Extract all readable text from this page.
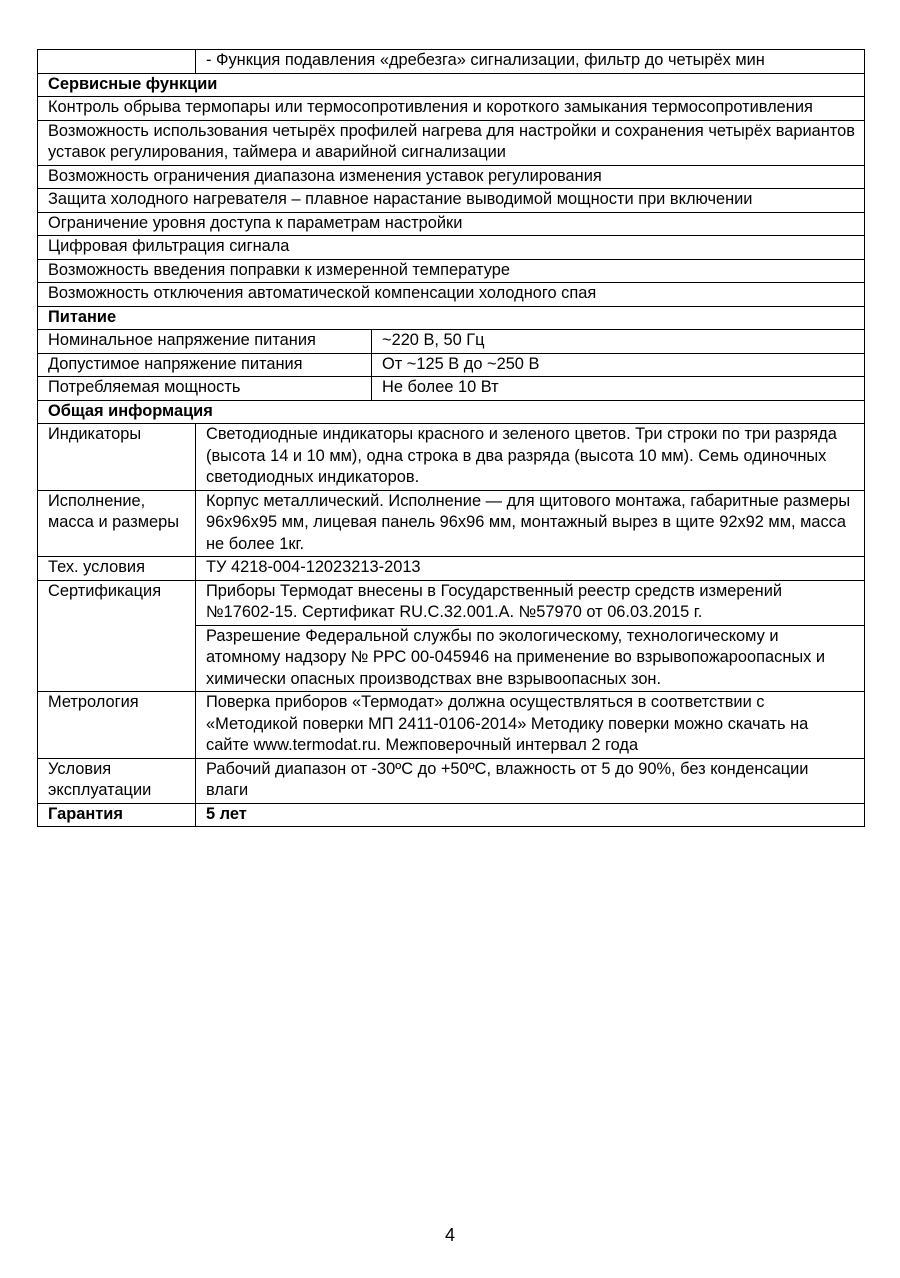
	- Функция подавления «дребезга» сигнализации, фильтр до четырёх мин	
Сервисные функции		
Контроль обрыва термопары или термосопротивления и короткого замыкания термосопротивления		
Возможность использования четырёх профилей нагрева для настройки и сохранения четырёх вариантов уставок регулирования, таймера и аварийной сигнализации		
Возможность ограничения диапазона изменения уставок регулирования		
Защита холодного нагревателя – плавное нарастание выводимой мощности при включении		
Ограничение уровня доступа к параметрам настройки		
Цифровая фильтрация сигнала		
Возможность введения поправки к измеренной температуре		
Возможность отключения автоматической компенсации холодного спая		
Питание		
Номинальное напряжение питания		~220 В, 50 Гц
Допустимое напряжение питания		От ~125 В до ~250 В
Потребляемая мощность		Не более 10 Вт
Общая информация		
Индикаторы	Светодиодные индикаторы красного и зеленого цветов. Три строки по три разряда (высота 14 и 10 мм), одна строка в два разряда (высота 10 мм). Семь одиночных светодиодных индикаторов.	
Исполнение, масса и размеры	Корпус металлический. Исполнение — для щитового монтажа, габаритные размеры 96х96х95 мм, лицевая панель 96х96 мм, монтажный вырез в щите 92х92 мм, масса не более 1кг.	
Тех. условия	ТУ 4218-004-12023213-2013	
Сертификация	Приборы Термодат внесены в Государственный реестр средств измерений №17602-15. Сертификат RU.C.32.001.A. №57970 от 06.03.2015 г.	
	Разрешение Федеральной службы по экологическому, технологическому и атомному надзору № РРС 00-045946 на применение во взрывопожароопасных и химически опасных производствах вне взрывоопасных зон.	
Метрология	Поверка приборов «Термодат» должна осуществляться в соответствии с «Методикой поверки МП 2411-0106-2014» Методику поверки можно скачать на сайте www.termodat.ru. Межповерочный интервал 2 года	
Условия эксплуатации	Рабочий диапазон от -30ºС до +50ºС, влажность от 5 до 90%, без конденсации влаги	
Гарантия	5 лет	
4
